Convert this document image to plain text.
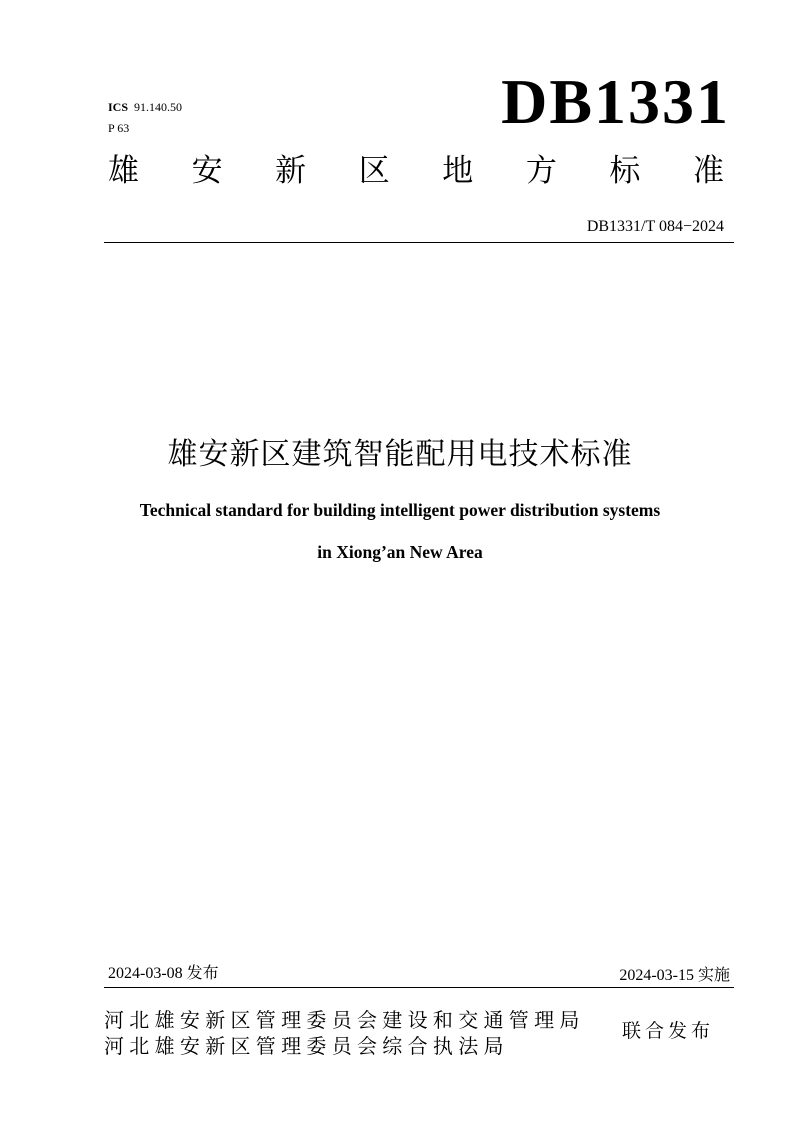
ICS 91.140.50
P 63	DB1331
雄 安 新 区 地 方 标 准
DB1331/T 084−2024
雄安新区建筑智能配用电技术标准
Technical standard for building intelligent power distribution systems
in Xiong’an New Area
2024-03-08 发布	2024-03-15 实施
河北雄安新区管理委员会建设和交通管理局
河北雄安新区管理委员会综合执法局
联合发布
